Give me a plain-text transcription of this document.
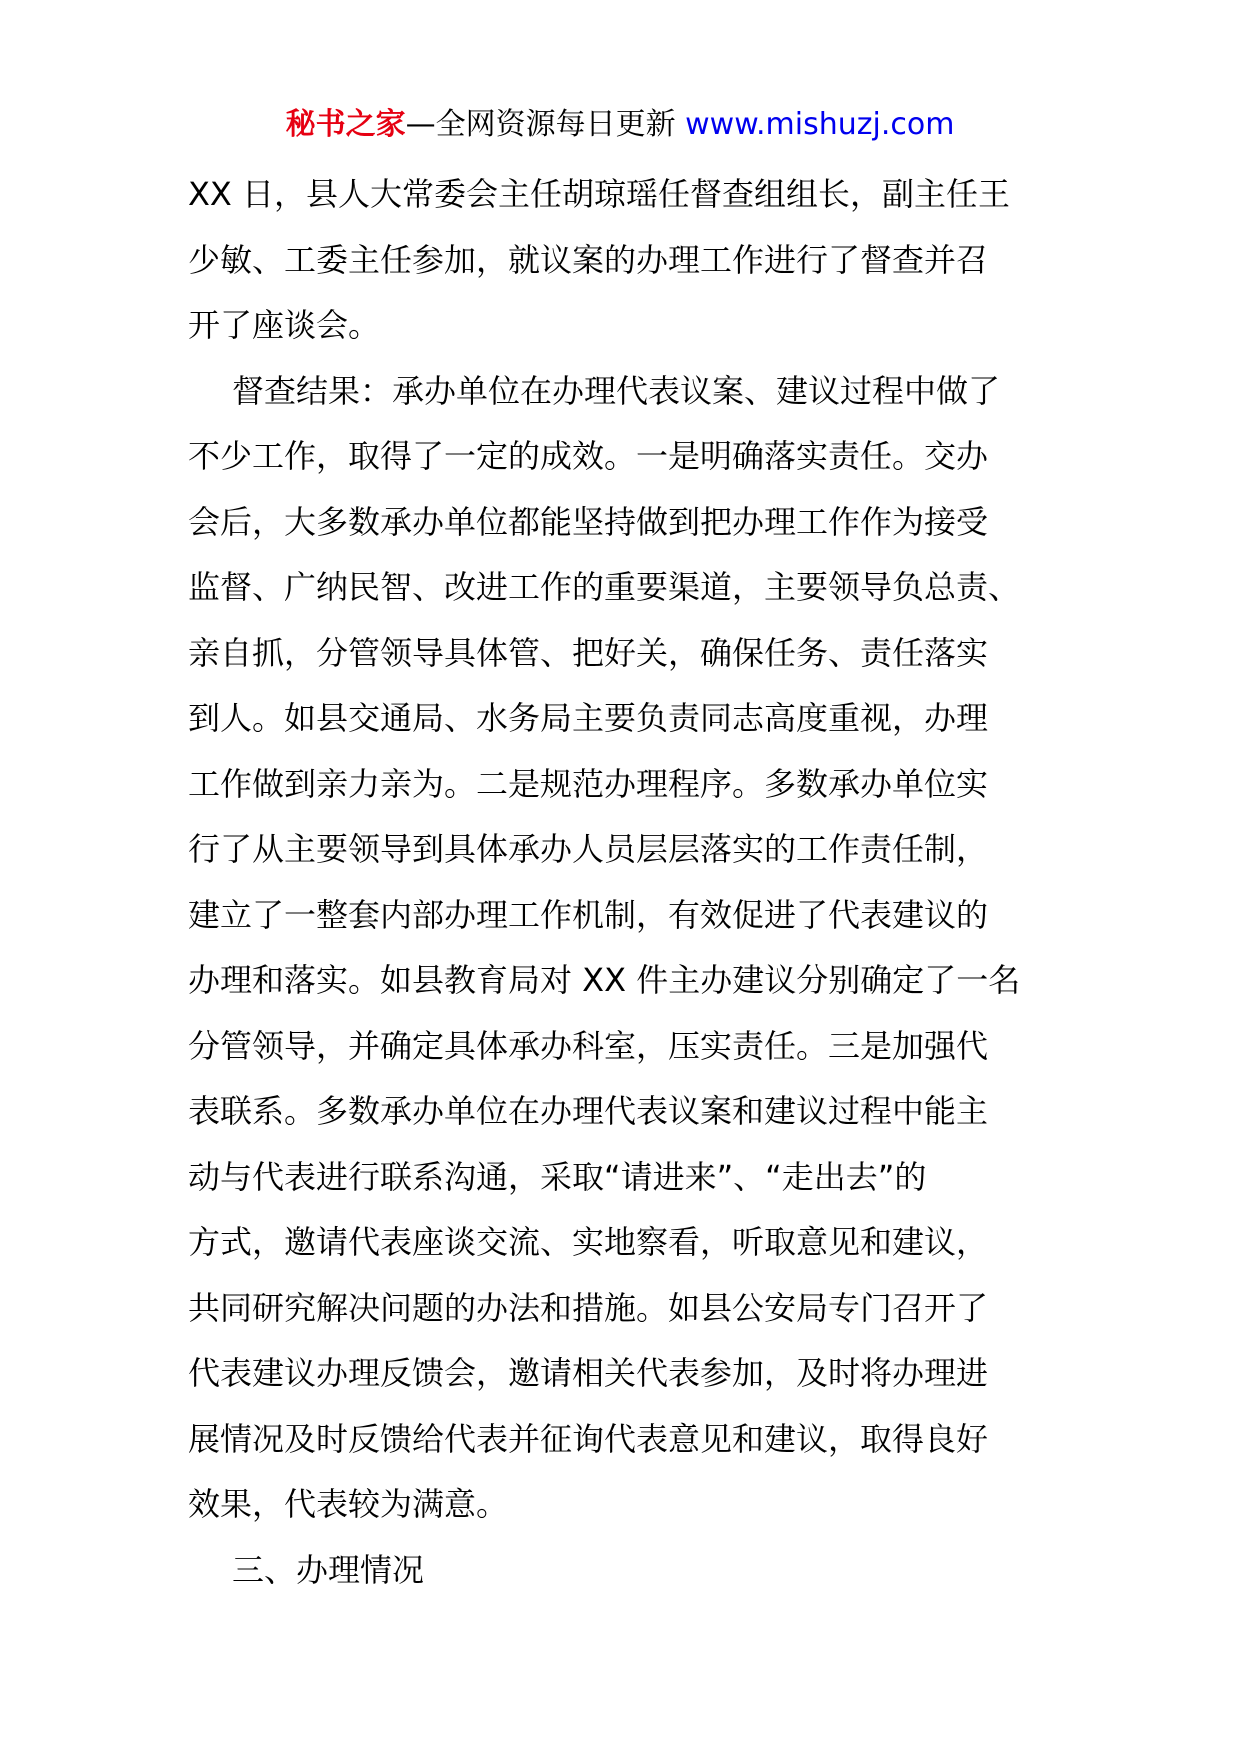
秘书之家—全网资源每日更新 www.mishuzj.com
XX 日，县人大常委会主任胡琼瑶任督查组组长，副主任王
少敏、工委主任参加，就议案的办理工作进行了督查并召
开了座谈会。
督查结果：承办单位在办理代表议案、建议过程中做了
不少工作，取得了一定的成效。一是明确落实责任。交办
会后，大多数承办单位都能坚持做到把办理工作作为接受
监督、广纳民智、改进工作的重要渠道，主要领导负总责、
亲自抓，分管领导具体管、把好关，确保任务、责任落实
到人。如县交通局、水务局主要负责同志高度重视，办理
工作做到亲力亲为。二是规范办理程序。多数承办单位实
行了从主要领导到具体承办人员层层落实的工作责任制，
建立了一整套内部办理工作机制，有效促进了代表建议的
办理和落实。如县教育局对 XX 件主办建议分别确定了一名
分管领导，并确定具体承办科室，压实责任。三是加强代
表联系。多数承办单位在办理代表议案和建议过程中能主
动与代表进行联系沟通，采取“请进来”、“走出去”的
方式，邀请代表座谈交流、实地察看，听取意见和建议，
共同研究解决问题的办法和措施。如县公安局专门召开了
代表建议办理反馈会，邀请相关代表参加，及时将办理进
展情况及时反馈给代表并征询代表意见和建议，取得良好
效果，代表较为满意。
三、办理情况
